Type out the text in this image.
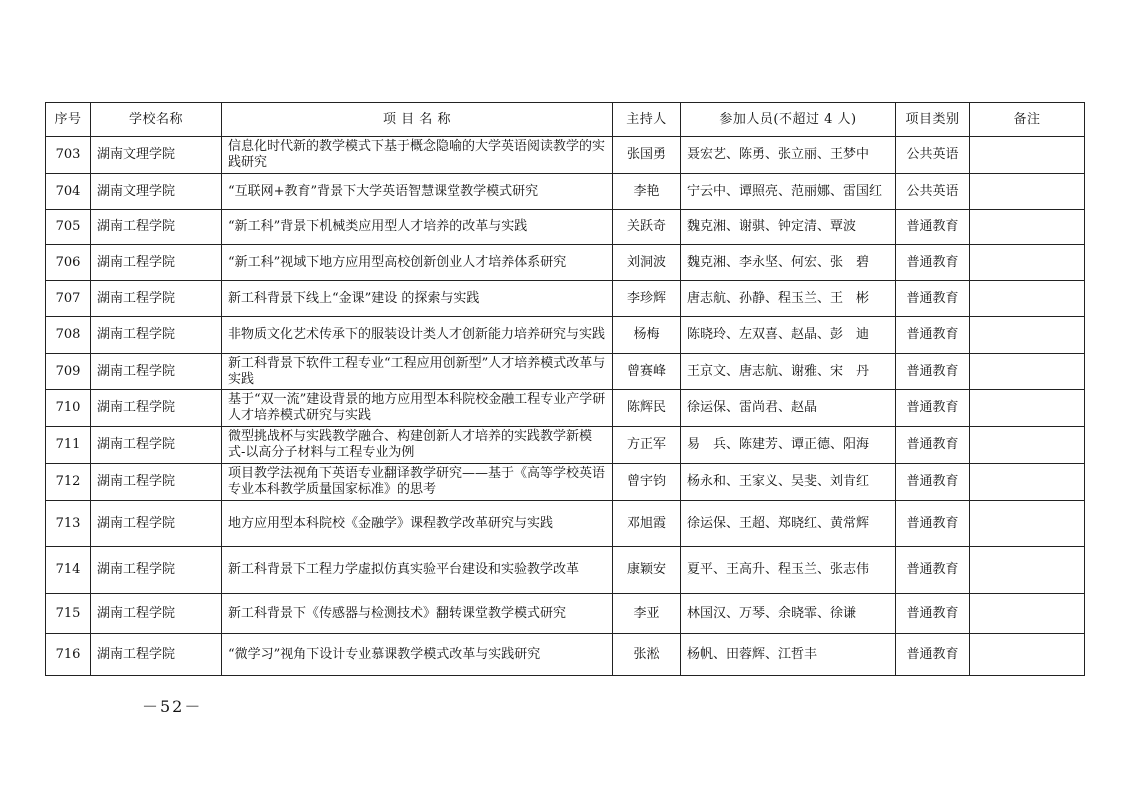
序号	学校名称	项 目 名 称	主持人	参加人员(不超过 4 人)	项目类别	备注
703	湖南文理学院	信息化时代新的教学模式下基于概念隐喻的大学英语阅读教学的实践研究	张国勇	聂宏艺、陈勇、张立丽、王梦中	公共英语	
704	湖南文理学院	“互联网+教育”背景下大学英语智慧课堂教学模式研究	李艳	宁云中、谭照亮、范丽娜、雷国红	公共英语	
705	湖南工程学院	“新工科”背景下机械类应用型人才培养的改革与实践	关跃奇	魏克湘、谢骐、钟定清、覃波	普通教育	
706	湖南工程学院	“新工科”视域下地方应用型高校创新创业人才培养体系研究	刘洞波	魏克湘、李永坚、何宏、张　碧	普通教育	
707	湖南工程学院	新工科背景下线上“金课”建设 的探索与实践	李珍辉	唐志航、孙静、程玉兰、王　彬	普通教育	
708	湖南工程学院	非物质文化艺术传承下的服装设计类人才创新能力培养研究与实践	杨梅	陈晓玲、左双喜、赵晶、彭　迪	普通教育	
709	湖南工程学院	新工科背景下软件工程专业“工程应用创新型”人才培养模式改革与实践	曾赛峰	王京文、唐志航、谢雅、宋　丹	普通教育	
710	湖南工程学院	基于“双一流”建设背景的地方应用型本科院校金融工程专业产学研人才培养模式研究与实践	陈辉民	徐运保、雷尚君、赵晶	普通教育	
711	湖南工程学院	微型挑战杯与实践教学融合、构建创新人才培养的实践教学新模式-以高分子材料与工程专业为例	方正军	易　兵、陈建芳、谭正德、阳海	普通教育	
712	湖南工程学院	项目教学法视角下英语专业翻译教学研究——基于《高等学校英语专业本科教学质量国家标准》的思考	曾宇钧	杨永和、王家义、吴斐、刘肯红	普通教育	
713	湖南工程学院	地方应用型本科院校《金融学》课程教学改革研究与实践	邓旭霞	徐运保、王超、郑晓红、黄常辉	普通教育	
714	湖南工程学院	新工科背景下工程力学虚拟仿真实验平台建设和实验教学改革	康颖安	夏平、王高升、程玉兰、张志伟	普通教育	
715	湖南工程学院	新工科背景下《传感器与检测技术》翻转课堂教学模式研究	李亚	林国汉、万琴、余晓霏、徐谦	普通教育	
716	湖南工程学院	“微学习”视角下设计专业慕课教学模式改革与实践研究	张淞	杨帆、田蓉辉、江哲丰	普通教育	
－52－
